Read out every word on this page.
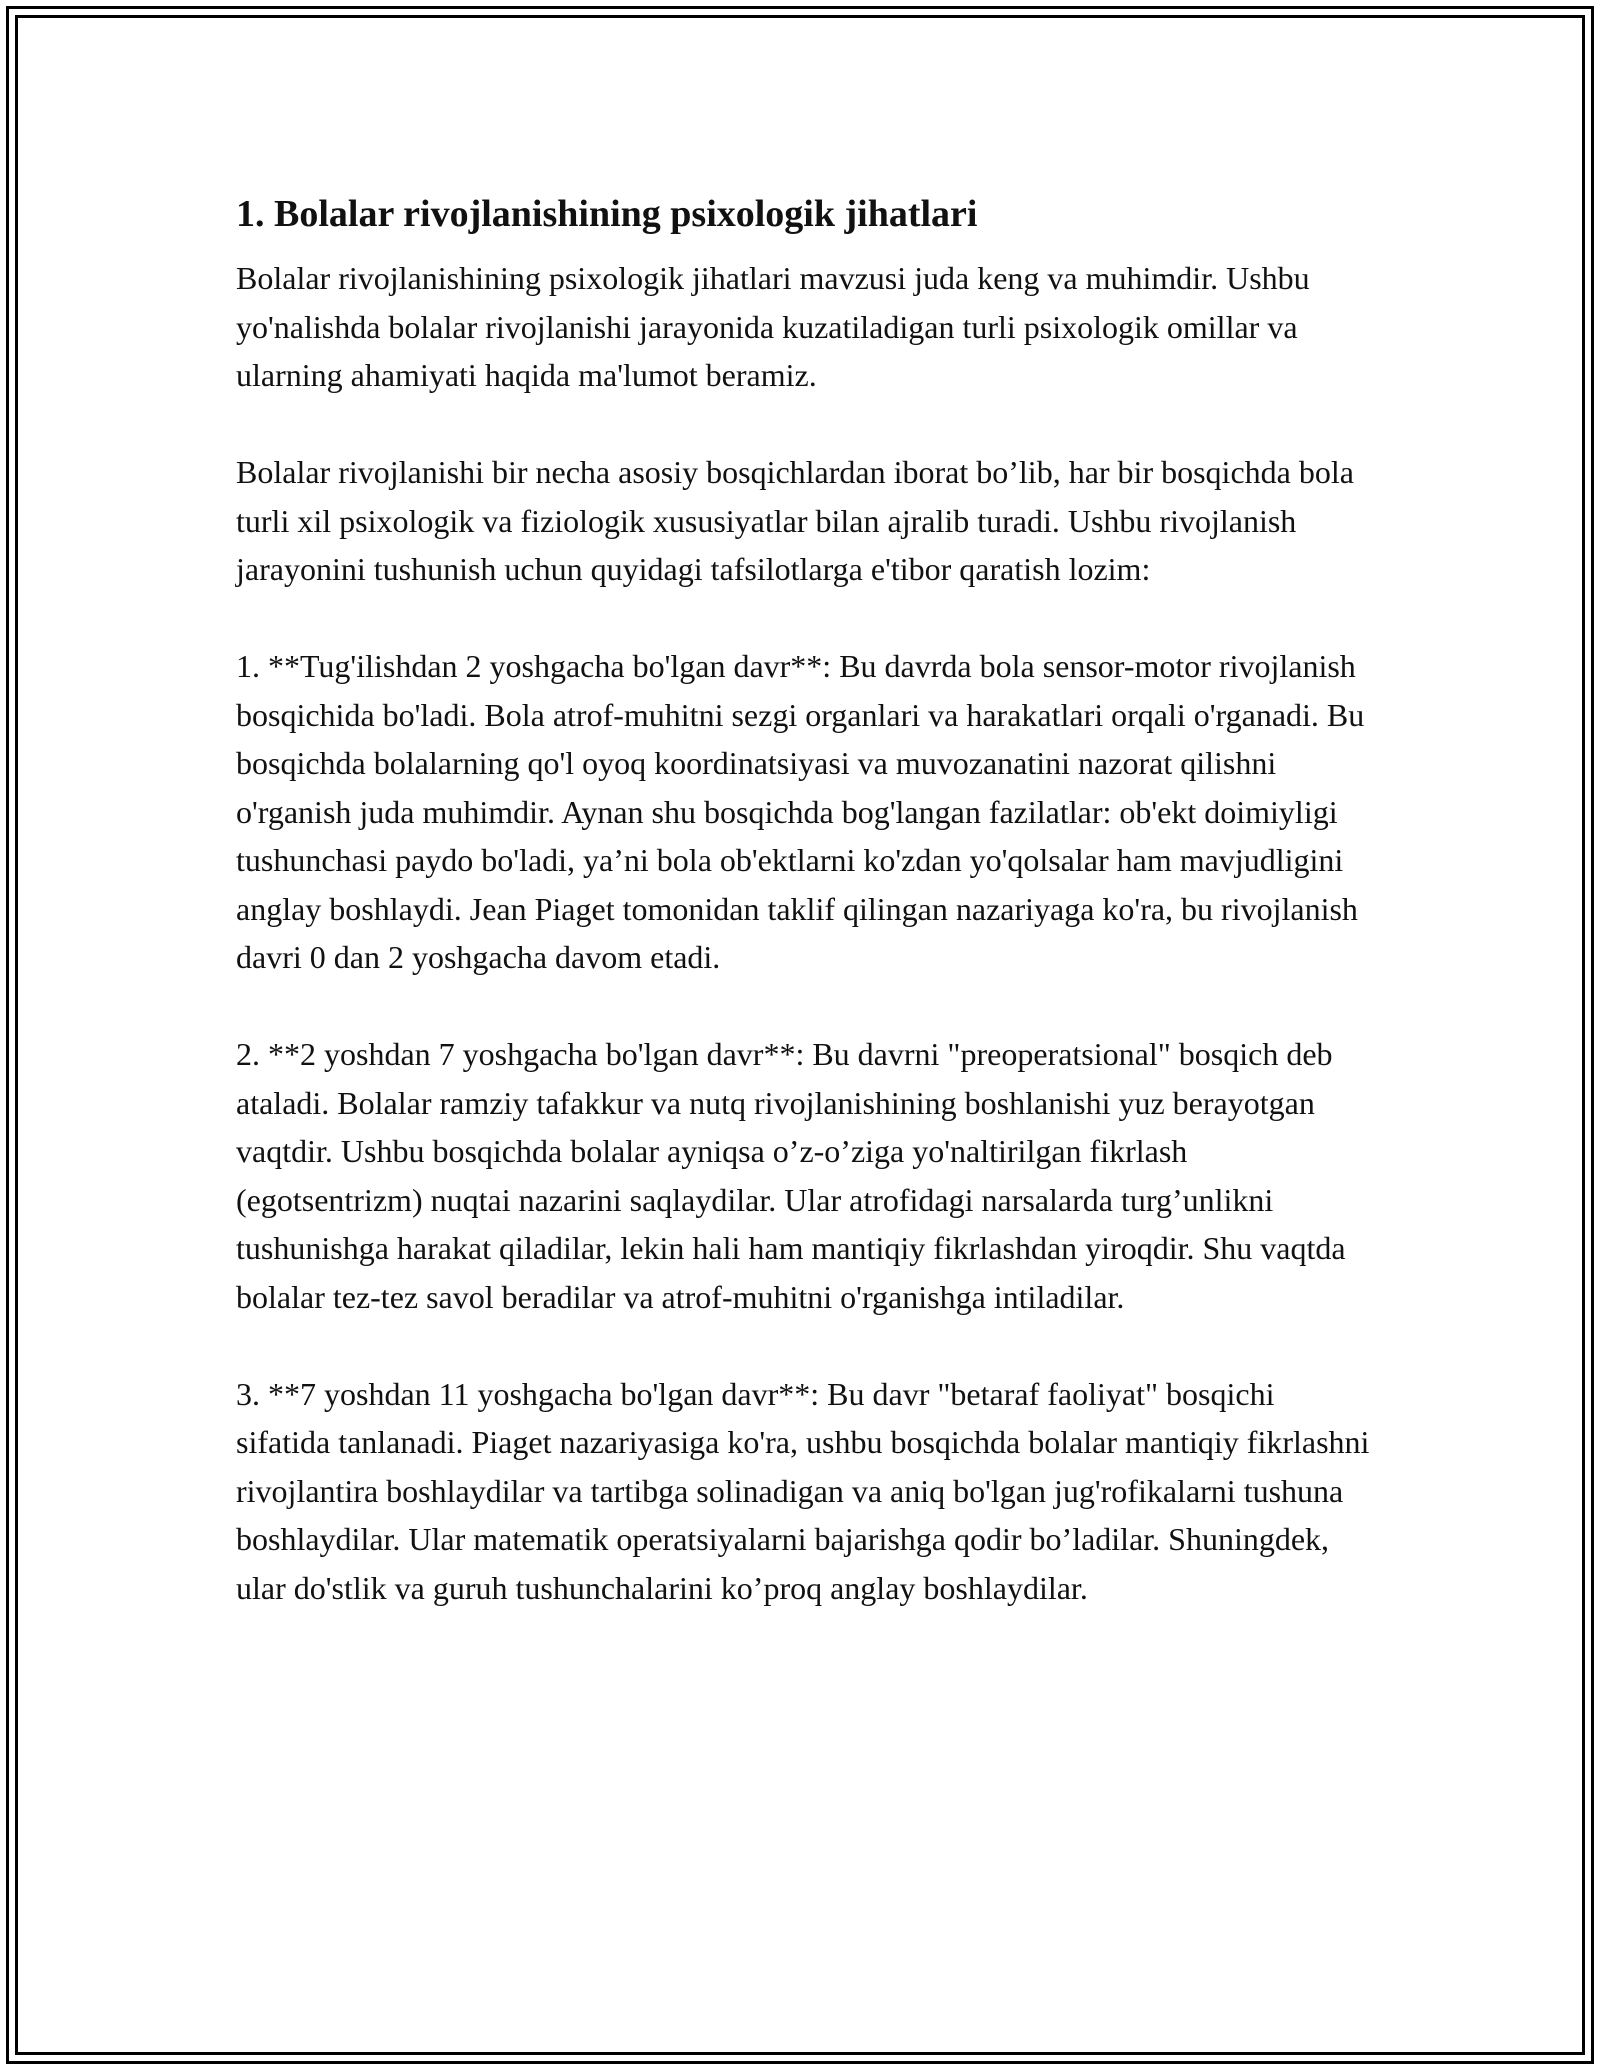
1. Bolalar rivojlanishining psixologik jihatlari

Bolalar rivojlanishining psixologik jihatlari mavzusi juda keng va muhimdir. Ushbu yo'nalishda bolalar rivojlanishi jarayonida kuzatiladigan turli psixologik omillar va ularning ahamiyati haqida ma'lumot beramiz.

Bolalar rivojlanishi bir necha asosiy bosqichlardan iborat bo’lib, har bir bosqichda bola turli xil psixologik va fiziologik xususiyatlar bilan ajralib turadi. Ushbu rivojlanish jarayonini tushunish uchun quyidagi tafsilotlarga e'tibor qaratish lozim:

1. **Tug'ilishdan 2 yoshgacha bo'lgan davr**: Bu davrda bola sensor-motor rivojlanish bosqichida bo'ladi. Bola atrof-muhitni sezgi organlari va harakatlari orqali o'rganadi. Bu bosqichda bolalarning qo'l oyoq koordinatsiyasi va muvozanatini nazorat qilishni o'rganish juda muhimdir. Aynan shu bosqichda bog'langan fazilatlar: ob'ekt doimiyligi tushunchasi paydo bo'ladi, ya’ni bola ob'ektlarni ko'zdan yo'qolsalar ham mavjudligini anglay boshlaydi. Jean Piaget tomonidan taklif qilingan nazariyaga ko'ra, bu rivojlanish davri 0 dan 2 yoshgacha davom etadi.

2. **2 yoshdan 7 yoshgacha bo'lgan davr**: Bu davrni "preoperatsional" bosqich deb ataladi. Bolalar ramziy tafakkur va nutq rivojlanishining boshlanishi yuz berayotgan vaqtdir. Ushbu bosqichda bolalar ayniqsa o’z-o’ziga yo'naltirilgan fikrlash (egotsentrizm) nuqtai nazarini saqlaydilar. Ular atrofidagi narsalarda turg’unlikni tushunishga harakat qiladilar, lekin hali ham mantiqiy fikrlashdan yiroqdir. Shu vaqtda bolalar tez-tez savol beradilar va atrof-muhitni o'rganishga intiladilar.

3. **7 yoshdan 11 yoshgacha bo'lgan davr**: Bu davr "betaraf faoliyat" bosqichi sifatida tanlanadi. Piaget nazariyasiga ko'ra, ushbu bosqichda bolalar mantiqiy fikrlashni rivojlantira boshlaydilar va tartibga solinadigan va aniq bo'lgan jug'rofikalarni tushuna boshlaydilar. Ular matematik operatsiyalarni bajarishga qodir bo’ladilar. Shuningdek, ular do'stlik va guruh tushunchalarini ko’proq anglay boshlaydilar.
